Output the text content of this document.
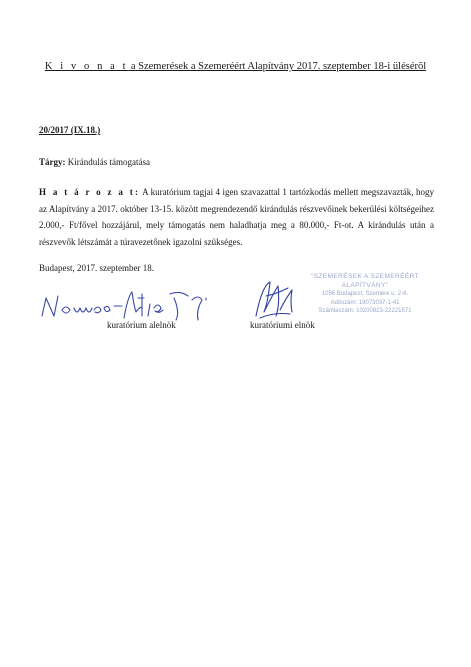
K i v o n a t a Szemerések a Szemeréért Alapítvány 2017. szeptember 18-i ülésérõl
20/2017 (IX.18.)
Tárgy: Kirándulás támogatása
H a t á r o z a t: A kuratórium tagjai 4 igen szavazattal 1 tartózkodás mellett megszavazták, hogy az Alapítvány a 2017. október 13-15. között megrendezendő kirándulás részvevőinek bekerülési költségeihez 2.000,- Ft/fővel hozzájárul, mely támogatás nem haladhatja meg a 80.000,- Ft-ot. A kirándulás után a részvevők létszámát a túravezetőnek igazolni szükséges.
Budapest, 2017. szeptember 18.
"SZEMERÉSEK A SZEMERÉÉRT
ALAPÍTVÁNY"
1056 Budapest, Szemere u. 2-6.
Adószám: 19073037-1-41
Számlaszám: 10200823-22221571
kuratórium alelnök	kuratóriumi elnök
